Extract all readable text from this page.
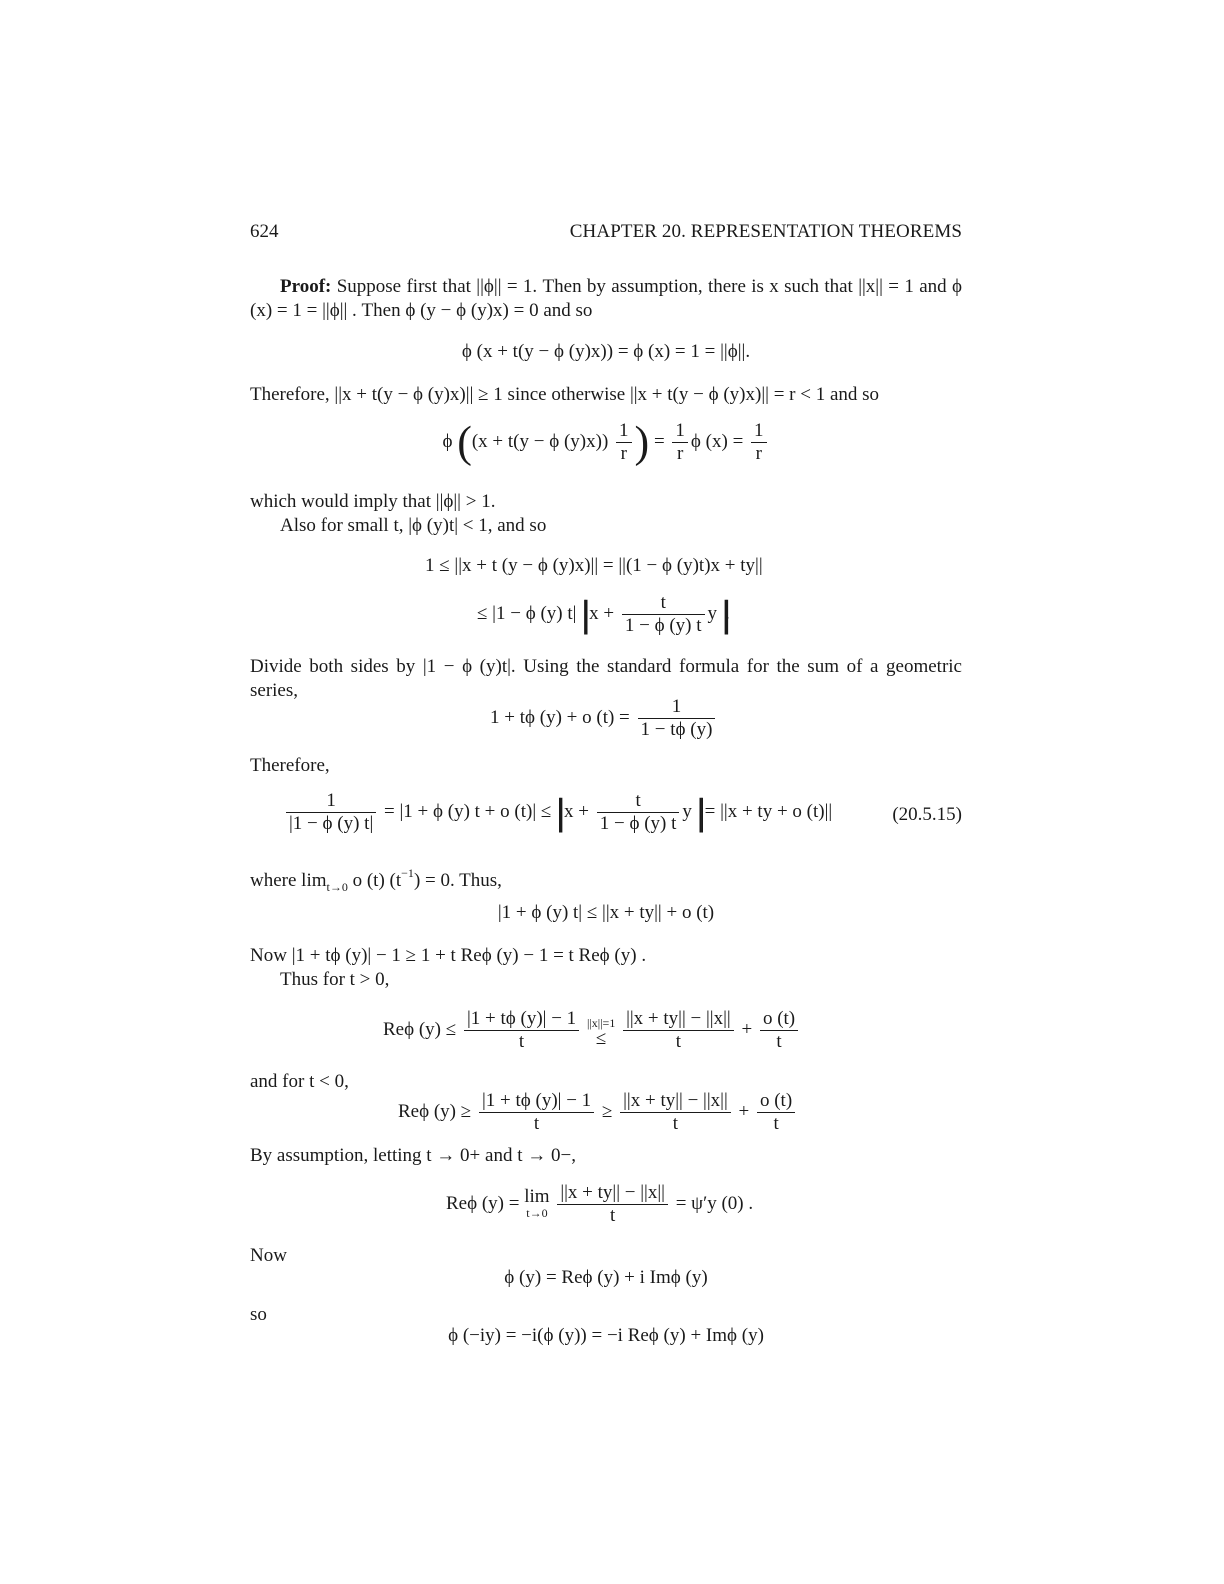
624	CHAPTER 20. REPRESENTATION THEOREMS
Proof: Suppose first that ||ϕ|| = 1. Then by assumption, there is x such that ||x|| = 1 and ϕ (x) = 1 = ||ϕ|| . Then ϕ (y − ϕ (y)x) = 0 and so
ϕ (x + t(y − ϕ (y)x)) = ϕ (x) = 1 = ||ϕ||.
Therefore, ||x + t(y − ϕ (y)x)|| ≥ 1 since otherwise ||x + t(y − ϕ (y)x)|| = r < 1 and so
ϕ ((x + t(y − ϕ $(y)x)) \frac{1}{r}$ ) = $\frac{1}{r}$ ϕ $(x) = \frac{1}{r}$
which would imply that ||ϕ|| > 1.
Also for small t, |ϕ (y)t| < 1, and so
1 ≤ ||x + t (y − ϕ (y)x)|| = ||(1 − ϕ (y)t)x + ty||
≤ |1 − ϕ (y) t| || $x + \frac{t}{1 - \phi (y) t}$ y ||.
Divide both sides by |1 − ϕ (y)t|. Using the standard formula for the sum of a geometric series,
1 + tϕ (y) + o $(t) = \frac{1}{1 - t\phi (y)}$
Therefore,
$\frac{1}{|1 - \phi (y) t|} = |1 + \phi$ (y) t + o (t)| ≤ || $x + \frac{t}{1 - \phi (y) t}$ y || = ||x + ty + o (t)||	(20.5.15)
where $\lim_{t\to 0} o$ (t) $(t^{-1}) = 0$. Thus,
|1 + ϕ (y) t| ≤ ||x + ty|| + o (t)
Now |1 + tϕ (y)| − 1 ≥ 1 + t Reϕ (y) − 1 = t Reϕ (y) .
Thus for t > 0,
Reϕ $(y) \le \frac{|1 + t\phi (y)| - 1}{t}$
||x||=1
≤ $\frac{||x + ty|| - ||x||}{t} + \frac{o (t)}{t}$
and for t < 0,
Reϕ $(y) \ge \frac{|1 + t\phi (y)| - 1}{t} \ge \frac{||x + ty|| - ||x||}{t} + \frac{o (t)}{t}$
By assumption, letting t → 0+ and t → 0−,
Reϕ (y) = lim
t→0
$\frac{||x + ty|| - ||x||}{t} = \psi'y$ (0) .
Now
ϕ (y) = Reϕ (y) + i Imϕ (y)
so
ϕ (−iy) = −i(ϕ (y)) = −i Reϕ (y) + Imϕ (y)
